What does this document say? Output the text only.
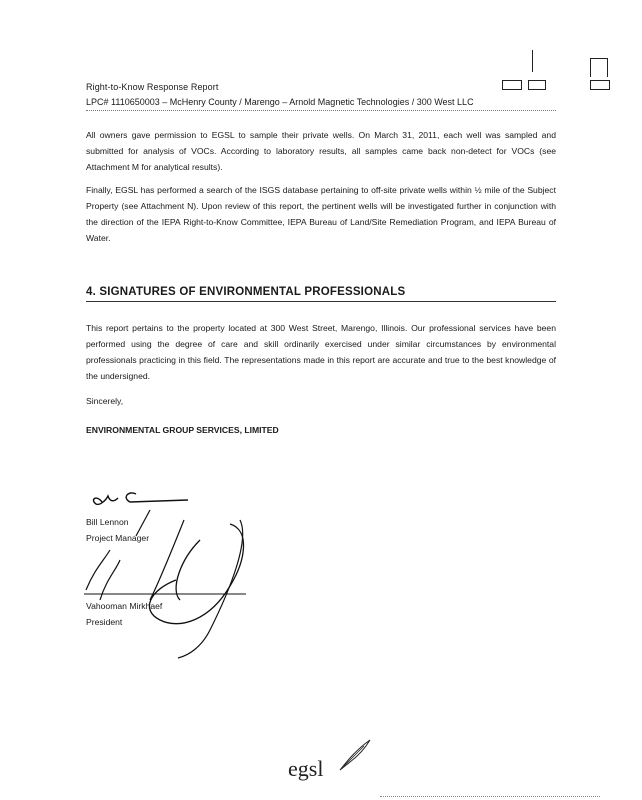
Right-to-Know Response Report
LPC# 1110650003 – McHenry County / Marengo – Arnold Magnetic Technologies / 300 West LLC
All owners gave permission to EGSL to sample their private wells. On March 31, 2011, each well was sampled and submitted for analysis of VOCs. According to laboratory results, all samples came back non-detect for VOCs (see Attachment M for analytical results).
Finally, EGSL has performed a search of the ISGS database pertaining to off-site private wells within ½ mile of the Subject Property (see Attachment N). Upon review of this report, the pertinent wells will be investigated further in conjunction with the direction of the IEPA Right-to-Know Committee, IEPA Bureau of Land/Site Remediation Program, and IEPA Bureau of Water.
4. SIGNATURES OF ENVIRONMENTAL PROFESSIONALS
This report pertains to the property located at 300 West Street, Marengo, Illinois. Our professional services have been performed using the degree of care and skill ordinarily exercised under similar circumstances by environmental professionals practicing in this field. The representations made in this report are accurate and true to the best knowledge of the undersigned.
Sincerely,
ENVIRONMENTAL GROUP SERVICES, LIMITED
Bill Lennon
Project Manager
Vahooman Mirkhaef
President
egsl
